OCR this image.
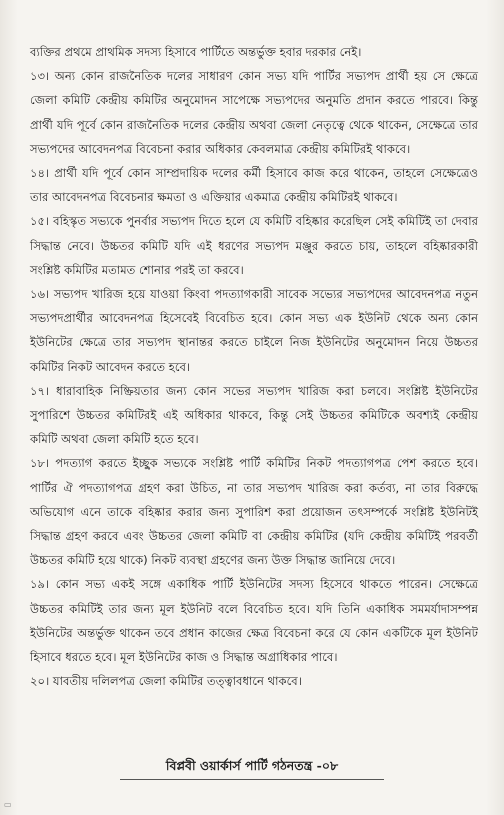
ব্যক্তির প্রথমে প্রাথমিক সদস্য হিসাবে পার্টিতে অন্তর্ভুক্ত হবার দরকার নেই।

১৩। অন্য কোন রাজনৈতিক দলের সাধারণ কোন সভ্য যদি পার্টির সভ্যপদ প্রার্থী হয় সে ক্ষেত্রে জেলা কমিটি কেন্দ্রীয় কমিটির অনুমোদন সাপেক্ষে সভ্যপদের অনুমতি প্রদান করতে পারবে। কিন্তু প্রার্থী যদি পূর্বে কোন রাজনৈতিক দলের কেন্দ্রীয় অথবা জেলা নেতৃত্বে থেকে থাকেন, সেক্ষেত্রে তার সভ্যপদের আবেদনপত্র বিবেচনা করার অধিকার কেবলমাত্র কেন্দ্রীয় কমিটিরই থাকবে।

১৪। প্রার্থী যদি পূর্বে কোন সাম্প্রদায়িক দলের কর্মী হিসাবে কাজ করে থাকেন, তাহলে সেক্ষেত্রেও তার আবেদনপত্র বিবেচনার ক্ষমতা ও এক্তিয়ার একমাত্র কেন্দ্রীয় কমিটিরই থাকবে।

১৫। বহিস্কৃত সভ্যকে পুনর্বার সভ্যপদ দিতে হলে যে কমিটি বহিষ্কার করেছিল সেই কমিটিই তা দেবার সিদ্ধান্ত নেবে। উচ্চতর কমিটি যদি এই ধরণের সভ্যপদ মঞ্জুর করতে চায়, তাহলে বহিষ্কারকারী সংশ্লিষ্ট কমিটির মতামত শোনার পরই তা করবে।

১৬। সভ্যপদ খারিজ হয়ে যাওয়া কিংবা পদত্যাগকারী সাবেক সভ্যের সভ্যপদের আবেদনপত্র নতুন সভ্যপদপ্রার্থীর আবেদনপত্র হিসেবেই বিবেচিত হবে। কোন সভ্য এক ইউনিট থেকে অন্য কোন ইউনিটের ক্ষেত্রে তার সভ্যপদ স্থানান্তর করতে চাইলে নিজ ইউনিটের অনুমোদন নিয়ে উচ্চতর কমিটির নিকট আবেদন করতে হবে।

১৭। ধারাবাহিক নিষ্ক্রিয়তার জন্য কোন সভের সভ্যপদ খারিজ করা চলবে। সংশ্লিষ্ট ইউনিটের সুপারিশে উচ্চতর কমিটিরই এই অধিকার থাকবে, কিন্তু সেই উচ্চতর কমিটিকে অবশ্যই কেন্দ্রীয় কমিটি অথবা জেলা কমিটি হতে হবে।

১৮। পদত্যাগ করতে ইচ্ছুক সভ্যকে সংশ্লিষ্ট পার্টি কমিটির নিকট পদত্যাগপত্র পেশ করতে হবে। পার্টির ঐ পদত্যাগপত্র গ্রহণ করা উচিত, না তার সভ্যপদ খারিজ করা কর্তব্য, না তার বিরুদ্ধে অভিযোগ এনে তাকে বহিষ্কার করার জন্য সুপারিশ করা প্রয়োজন তৎসম্পর্কে সংশ্লিষ্ট ইউনিটই সিদ্ধান্ত গ্রহণ করবে এবং উচ্চতর জেলা কমিটি বা কেন্দ্রীয় কমিটির (যদি কেন্দ্রীয় কমিটিই পরবর্তী উচ্চতর কমিটি হয়ে থাকে) নিকট ব্যবস্থা গ্রহণের জন্য উক্ত সিদ্ধান্ত জানিয়ে দেবে।

১৯। কোন সভ্য একই সঙ্গে একাধিক পার্টি ইউনিটের সদস্য হিসেবে থাকতে পারেন। সেক্ষেত্রে উচ্চতর কমিটিই তার জন্য মূল ইউনিট বলে বিবেচিত হবে। যদি তিনি একাধিক সমমর্যাদাসম্পন্ন ইউনিটের অন্তর্ভুক্ত থাকেন তবে প্রধান কাজের ক্ষেত্র বিবেচনা করে যে কোন একটিকে মূল ইউনিট হিসাবে ধরতে হবে। মূল ইউনিটের কাজ ও সিদ্ধান্ত অগ্রাধিকার পাবে।

২০। যাবতীয় দলিলপত্র জেলা কমিটির তত্ত্বাবধানে থাকবে।

বিপ্লবী ওয়ার্কার্স পার্টি গঠনতন্ত্র -০৮
▭
